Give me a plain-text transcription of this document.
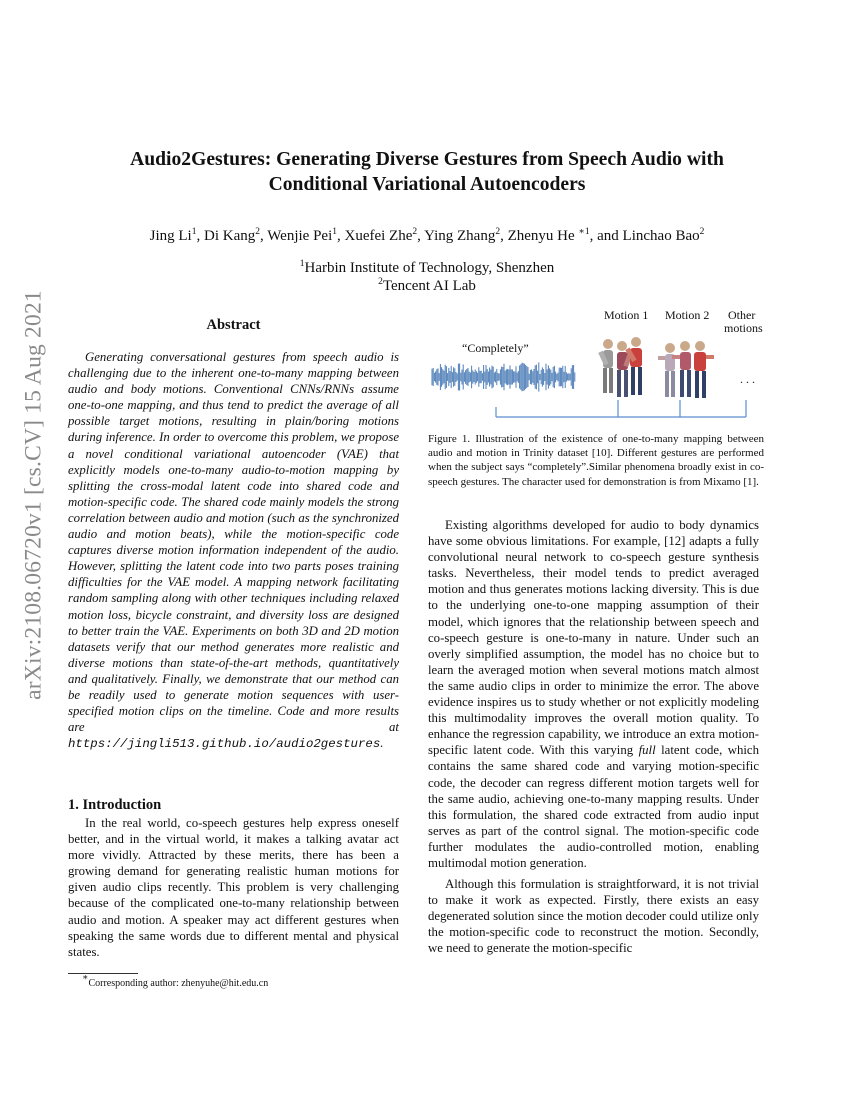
arXiv:2108.06720v1 [cs.CV] 15 Aug 2021
Audio2Gestures: Generating Diverse Gestures from Speech Audio with
Conditional Variational Autoencoders
Jing Li$^1$, Di Kang$^2$, Wenjie Pei$^1$, Xuefei Zhe$^2$, Ying Zhang$^2$, Zhenyu He $^{∗1}$, and Linchao Bao$^2$
$^1$Harbin Institute of Technology, Shenzhen
$^2$Tencent AI Lab
Abstract

Generating conversational gestures from speech audio is challenging due to the inherent one-to-many mapping between audio and body motions. Conventional CNNs/RNNs assume one-to-one mapping, and thus tend to predict the average of all possible target motions, resulting in plain/boring motions during inference. In order to overcome this problem, we propose a novel conditional variational autoencoder (VAE) that explicitly models one-to-many audio-to-motion mapping by splitting the cross-modal latent code into shared code and motion-specific code. The shared code mainly models the strong correlation between audio and motion (such as the synchronized audio and motion beats), while the motion-specific code captures diverse motion information independent of the audio. However, splitting the latent code into two parts poses training difficulties for the VAE model. A mapping network facilitating random sampling along with other techniques including relaxed motion loss, bicycle constraint, and diversity loss are designed to better train the VAE. Experiments on both 3D and 2D motion datasets verify that our method generates more realistic and diverse motions than state-of-the-art methods, quantitatively and qualitatively. Finally, we demonstrate that our method can be readily used to generate motion sequences with user-specified motion clips on the timeline. Code and more results are at https://jingli513.github.io/audio2gestures.

1. Introduction

In the real world, co-speech gestures help express oneself better, and in the virtual world, it makes a talking avatar act more vividly. Attracted by these merits, there has been a growing demand for generating realistic human motions for given audio clips recently. This problem is very challenging because of the complicated one-to-many relationship between audio and motion. A speaker may act different gestures when speaking the same words due to different mental and physical states.

∗Corresponding author: zhenyuhe@hit.edu.cn
Motion 1 Motion 2 Other
motions
“Completely”
. . .

Figure 1. Illustration of the existence of one-to-many mapping between audio and motion in Trinity dataset [10]. Different gestures are performed when the subject says “completely”.Similar phenomena broadly exist in co-speech gestures. The character used for demonstration is from Mixamo [1].

Existing algorithms developed for audio to body dynamics have some obvious limitations. For example, [12] adapts a fully convolutional neural network to co-speech gesture synthesis tasks. Nevertheless, their model tends to predict averaged motion and thus generates motions lacking diversity. This is due to the underlying one-to-one mapping assumption of their model, which ignores that the relationship between speech and co-speech gesture is one-to-many in nature. Under such an overly simplified assumption, the model has no choice but to learn the averaged motion when several motions match almost the same audio clips in order to minimize the error. The above evidence inspires us to study whether or not explicitly modeling this multimodality improves the overall motion quality. To enhance the regression capability, we introduce an extra motion-specific latent code. With this varying full latent code, which contains the same shared code and varying motion-specific code, the decoder can regress different motion targets well for the same audio, achieving one-to-many mapping results. Under this formulation, the shared code extracted from audio input serves as part of the control signal. The motion-specific code further modulates the audio-controlled motion, enabling multimodal motion generation.

Although this formulation is straightforward, it is not trivial to make it work as expected. Firstly, there exists an easy degenerated solution since the motion decoder could utilize only the motion-specific code to reconstruct the motion. Secondly, we need to generate the motion-specific
